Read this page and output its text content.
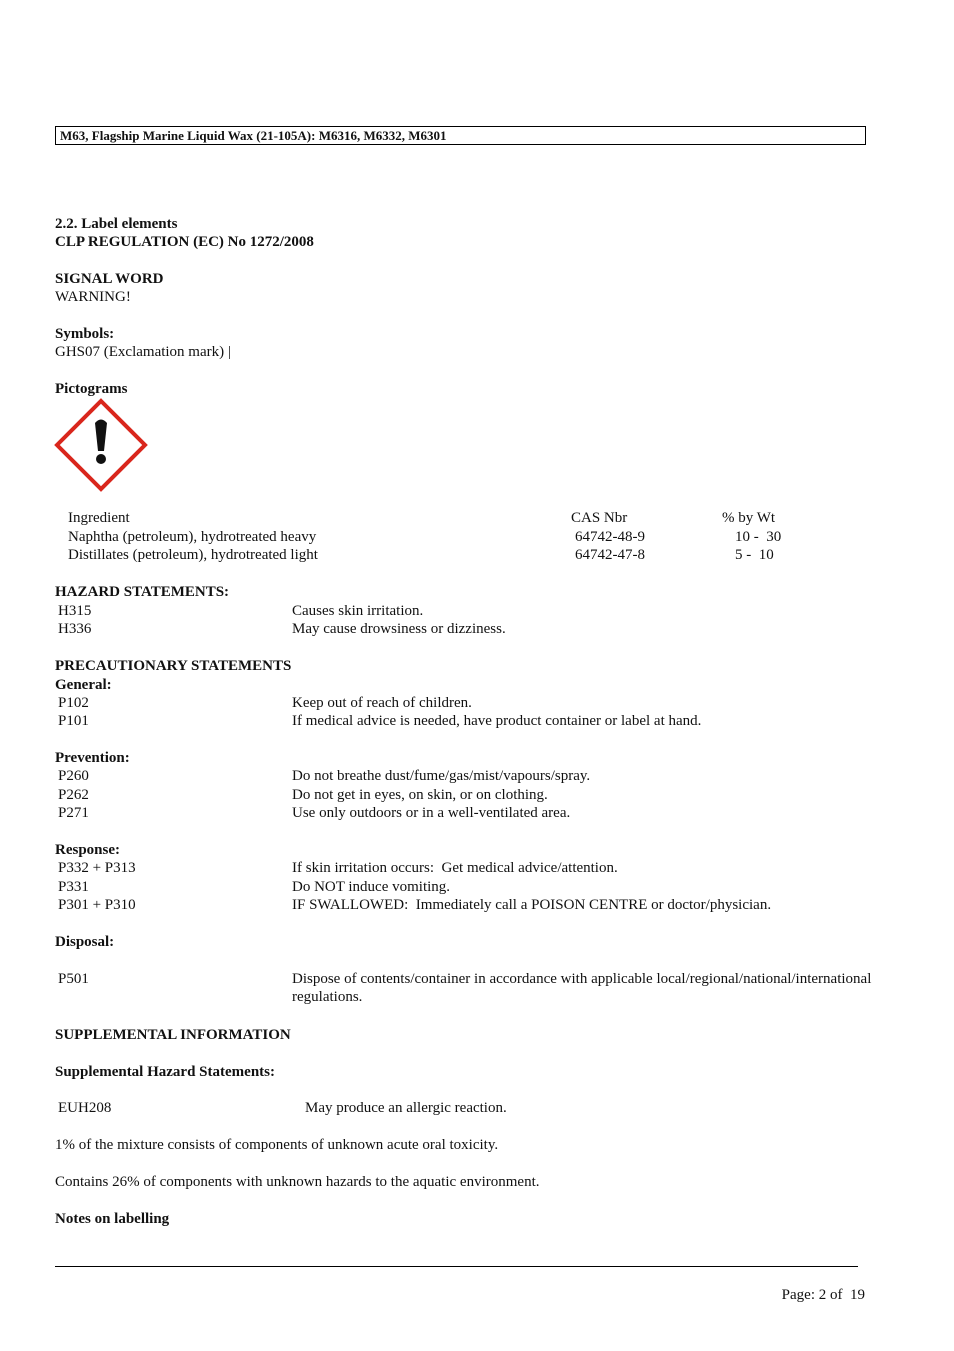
M63, Flagship Marine Liquid Wax (21-105A): M6316, M6332, M6301
2.2. Label elements
CLP REGULATION (EC) No 1272/2008
SIGNAL WORD
WARNING!
Symbols:
GHS07 (Exclamation mark) |
Pictograms
Ingredient	CAS Nbr	% by Wt
Naphtha (petroleum), hydrotreated heavy	64742-48-9	10 -  30
Distillates (petroleum), hydrotreated light	64742-47-8	5 -  10
HAZARD STATEMENTS:
H315	Causes skin irritation.
H336	May cause drowsiness or dizziness.
PRECAUTIONARY STATEMENTS
General:
P102	Keep out of reach of children.
P101	If medical advice is needed, have product container or label at hand.
Prevention:
P260	Do not breathe dust/fume/gas/mist/vapours/spray.
P262	Do not get in eyes, on skin, or on clothing.
P271	Use only outdoors or in a well-ventilated area.
Response:
P332 + P313	If skin irritation occurs:  Get medical advice/attention.
P331	Do NOT induce vomiting.
P301 + P310	IF SWALLOWED:  Immediately call a POISON CENTRE or doctor/physician.
Disposal:
P501	Dispose of contents/container in accordance with applicable local/regional/national/international
regulations.
SUPPLEMENTAL INFORMATION
Supplemental Hazard Statements:
EUH208	May produce an allergic reaction.
1% of the mixture consists of components of unknown acute oral toxicity.
Contains 26% of components with unknown hazards to the aquatic environment.
Notes on labelling
Page: 2 of  19
